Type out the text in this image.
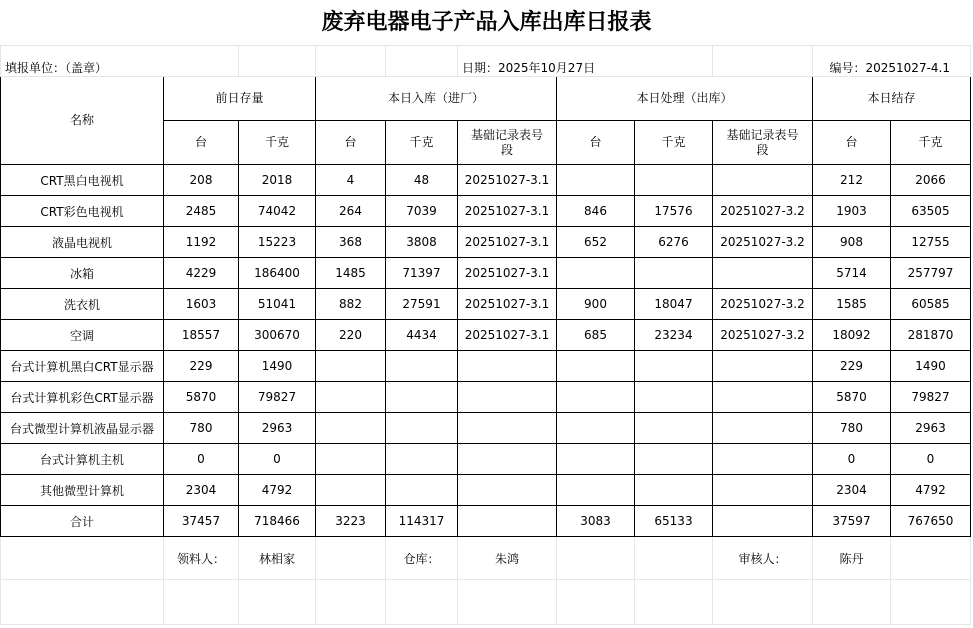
废弃电器电子产品入库出库日报表
填报单位：（盖章）					日期：2025年10月27日				编号：20251027-4.1	
名称	前日存量		本日入库（进厂）			本日处理（出库）			本日结存	
	台	千克	台	千克	基础记录表号段	台	千克	基础记录表号段	台	千克
CRT黑白电视机	208	2018	4	48	20251027-3.1				212	2066
CRT彩色电视机	2485	74042	264	7039	20251027-3.1	846	17576	20251027-3.2	1903	63505
液晶电视机	1192	15223	368	3808	20251027-3.1	652	6276	20251027-3.2	908	12755
冰箱	4229	186400	1485	71397	20251027-3.1				5714	257797
洗衣机	1603	51041	882	27591	20251027-3.1	900	18047	20251027-3.2	1585	60585
空调	18557	300670	220	4434	20251027-3.1	685	23234	20251027-3.2	18092	281870
台式计算机黑白CRT显示器	229	1490							229	1490
台式计算机彩色CRT显示器	5870	79827							5870	79827
台式微型计算机液晶显示器	780	2963							780	2963
台式计算机主机	0	0							0	0
其他微型计算机	2304	4792							2304	4792
合计	37457	718466	3223	114317		3083	65133		37597	767650
	领料人：	林相家		仓库：	朱鸿			审核人：	陈丹	
